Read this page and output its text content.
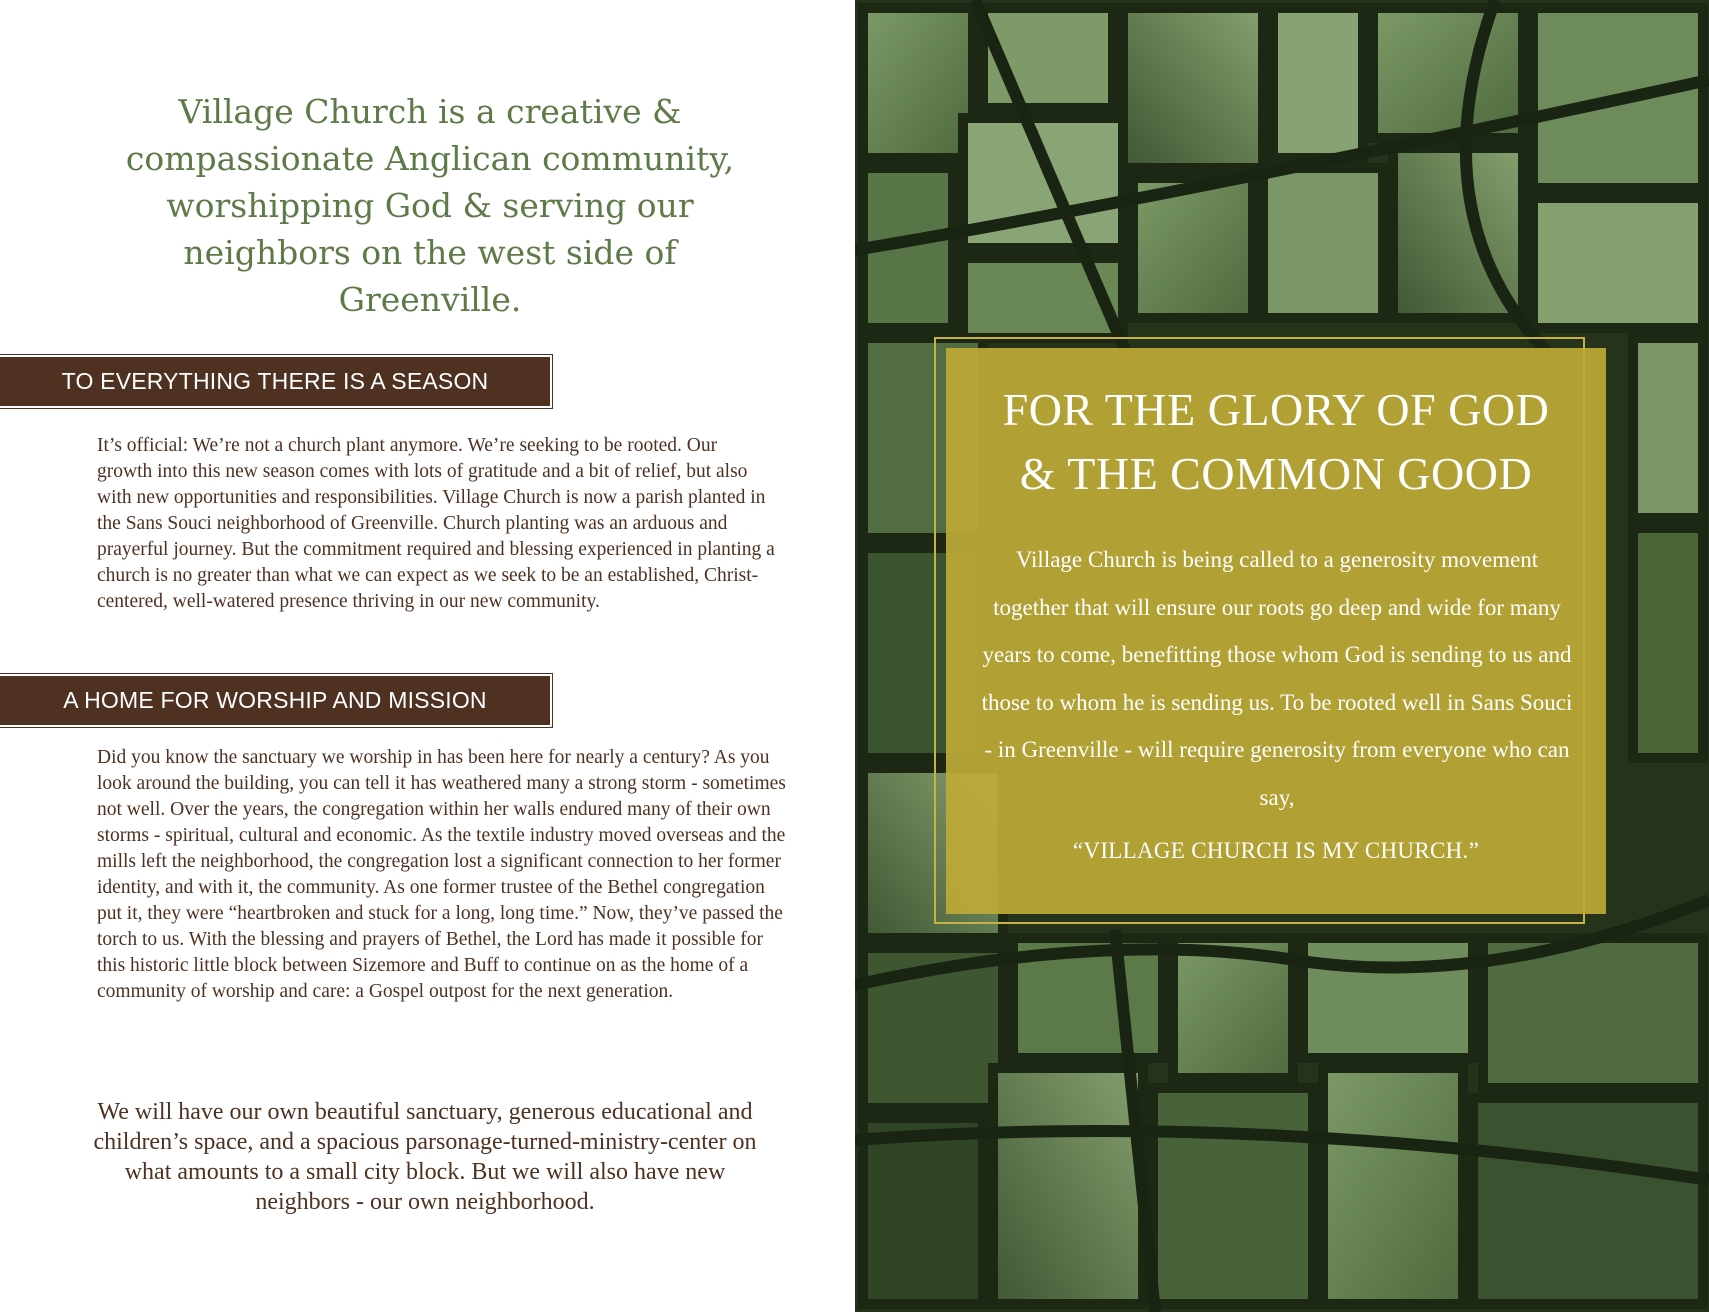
Village Church is a creative & compassionate Anglican community, worshipping God & serving our neighbors on the west side of Greenville.
TO EVERYTHING THERE IS A SEASON
It’s official: We’re not a church plant anymore. We’re seeking to be rooted. Our growth into this new season comes with lots of gratitude and a bit of relief, but also with new opportunities and responsibilities. Village Church is now a parish planted in the Sans Souci neighborhood of Greenville. Church planting was an arduous and prayerful journey. But the commitment required and blessing experienced in planting a church is no greater than what we can expect as we seek to be an established, Christ-centered, well-watered presence thriving in our new community.
A HOME FOR WORSHIP AND MISSION
Did you know the sanctuary we worship in has been here for nearly a century? As you look around the building, you can tell it has weathered many a strong storm - sometimes not well. Over the years, the congregation within her walls endured many of their own storms - spiritual, cultural and economic. As the textile industry moved overseas and the mills left the neighborhood, the congregation lost a significant connection to her former identity, and with it, the community. As one former trustee of the Bethel congregation put it, they were “heartbroken and stuck for a long, long time.” Now, they’ve passed the torch to us. With the blessing and prayers of Bethel, the Lord has made it possible for this historic little block between Sizemore and Buff to continue on as the home of a community of worship and care: a Gospel outpost for the next generation.
We will have our own beautiful sanctuary, generous educational and children’s space, and a spacious parsonage-turned-ministry-center on what amounts to a small city block. But we will also have new neighbors - our own neighborhood.
FOR THE GLORY OF GOD
& THE COMMON GOOD
Village Church is being called to a generosity movement together that will ensure our roots go deep and wide for many years to come, benefitting those whom God is sending to us and those to whom he is sending us. To be rooted well in Sans Souci - in Greenville - will require generosity from everyone who can say,
“VILLAGE CHURCH IS MY CHURCH.”
